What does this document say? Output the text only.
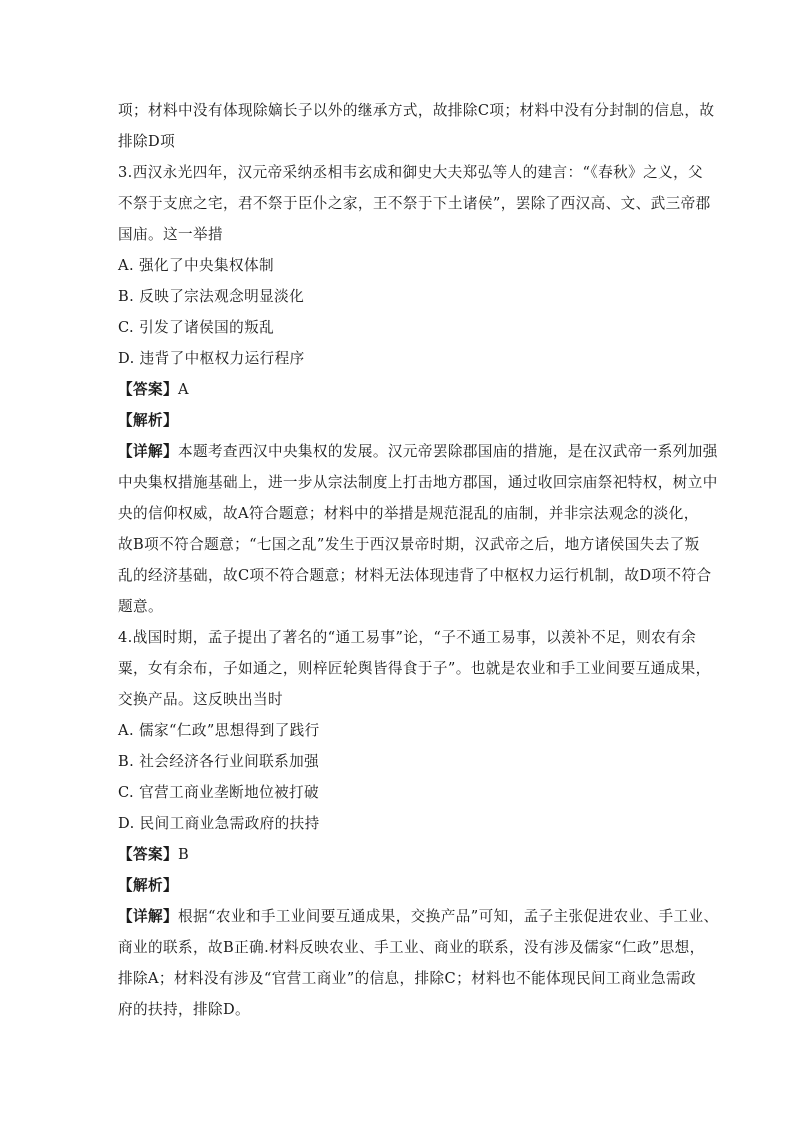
项；材料中没有体现除嫡长子以外的继承方式，故排除C项；材料中没有分封制的信息，故
排除D项
3.西汉永光四年，汉元帝采纳丞相韦玄成和御史大夫郑弘等人的建言：“《春秋》之义，父
不祭于支庶之宅，君不祭于臣仆之家，王不祭于下土诸侯”，罢除了西汉高、文、武三帝郡
国庙。这一举措
A. 强化了中央集权体制
B. 反映了宗法观念明显淡化
C. 引发了诸侯国的叛乱
D. 违背了中枢权力运行程序
【答案】A
【解析】
【详解】本题考查西汉中央集权的发展。汉元帝罢除郡国庙的措施，是在汉武帝一系列加强
中央集权措施基础上，进一步从宗法制度上打击地方郡国，通过收回宗庙祭祀特权，树立中
央的信仰权威，故A符合题意；材料中的举措是规范混乱的庙制，并非宗法观念的淡化，
故B项不符合题意；“七国之乱”发生于西汉景帝时期，汉武帝之后，地方诸侯国失去了叛
乱的经济基础，故C项不符合题意；材料无法体现违背了中枢权力运行机制，故D项不符合
题意。
4.战国时期，孟子提出了著名的“通工易事”论，“子不通工易事，以羡补不足，则农有余
粟，女有余布，子如通之，则梓匠轮舆皆得食于子”。也就是农业和手工业间要互通成果，
交换产品。这反映出当时
A. 儒家“仁政”思想得到了践行
B. 社会经济各行业间联系加强
C. 官营工商业垄断地位被打破
D. 民间工商业急需政府的扶持
【答案】B
【解析】
【详解】根据“农业和手工业间要互通成果，交换产品”可知，孟子主张促进农业、手工业、
商业的联系，故B正确.材料反映农业、手工业、商业的联系，没有涉及儒家“仁政”思想，
排除A；材料没有涉及“官营工商业”的信息，排除C；材料也不能体现民间工商业急需政
府的扶持，排除D。
